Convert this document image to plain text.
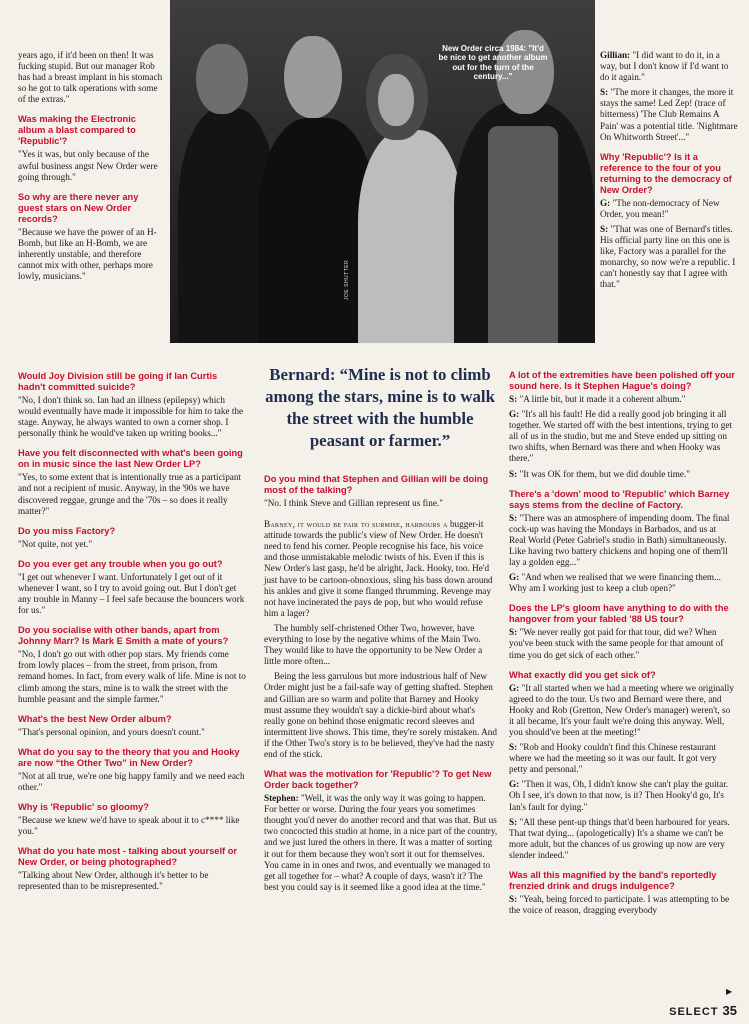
New Order circa 1984: "It'd be nice to get another album out for the turn of the century..."
JOE SHUTTER

years ago, if it'd been on then! It was fucking stupid. But our manager Rob has had a breast implant in his stomach so he got to talk operations with some of the extras."

Was making the Electronic album a blast compared to 'Republic'?

"Yes it was, but only because of the awful business angst New Order were going through."

So why are there never any guest stars on New Order records?

"Because we have the power of an H-Bomb, but like an H-Bomb, we are inherently unstable, and therefore cannot mix with other, perhaps more lowly, musicians."

Would Joy Division still be going if Ian Curtis hadn't committed suicide?

"No, I don't think so. Ian had an illness (epilepsy) which would eventually have made it impossible for him to take the stage. Anyway, he always wanted to own a corner shop. I personally think he would've taken up writing books..."

Have you felt disconnected with what's been going on in music since the last New Order LP?

"Yes, to some extent that is intentionally true as a participant and not a recipient of music. Anyway, in the '90s we have discovered reggae, grunge and the '70s – so does it really matter?"

Do you miss Factory?

"Not quite, not yet."

Do you ever get any trouble when you go out?

"I get out whenever I want. Unfortunately I get out of it whenever I want, so I try to avoid going out. But I don't get any trouble in Manny – I feel safe because the bouncers work for us."

Do you socialise with other bands, apart from Johnny Marr? Is Mark E Smith a mate of yours?

"No, I don't go out with other pop stars. My friends come from lowly places – from the street, from prison, from remand homes. In fact, from every walk of life. Mine is not to climb among the stars, mine is to walk the street with the humble peasant and the simple farmer."

What's the best New Order album?

"That's personal opinion, and yours doesn't count."

What do you say to the theory that you and Hooky are now “the Other Two” in New Order?

"Not at all true, we're one big happy family and we need each other."

Why is 'Republic' so gloomy?

"Because we knew we'd have to speak about it to c**** like you."

What do you hate most - talking about yourself or New Order, or being photographed?

"Talking about New Order, although it's better to be represented than to be misrepresented."

Bernard: “Mine is not to climb among the stars, mine is to walk the street with the humble peasant or farmer.”

Do you mind that Stephen and Gillian will be doing most of the talking?

"No. I think Steve and Gillian represent us fine."

Barney, it would be fair to surmise, harbours a bugger-it attitude towards the public's view of New Order. He doesn't need to fend his corner. People recognise his face, his voice and those unmistakable melodic twists of his. Even if this is New Order's last gasp, he'd be alright, Jack. Hooky, too. He'd just have to be cartoon-obnoxious, sling his bass down around his ankles and give it some flanged thrumming. Revenge may not have incinerated the pays de pop, but who would refuse him a lager?

The humbly self-christened Other Two, however, have everything to lose by the negative whims of the Main Two. They would like to have the opportunity to be New Order a little more often...

Being the less garrulous but more industrious half of New Order might just be a fail-safe way of getting shafted. Stephen and Gillian are so warm and polite that Barney and Hooky must assume they wouldn't say a dickie-bird about what's really gone on behind those enigmatic record sleeves and intermittent live shows. This time, they're sorely mistaken. And if the Other Two's story is to be believed, they've had the nasty end of the stick.

What was the motivation for 'Republic'? To get New Order back together?

Stephen: "Well, it was the only way it was going to happen. For better or worse. During the four years you sometimes thought you'd never do another record and that was that. But us two concocted this studio at home, in a nice part of the country, and we just lured the others in there. It was a matter of sorting it out for them because they won't sort it out for themselves. You came in in ones and twos, and eventually we managed to get all together for – what? A couple of days, wasn't it? The best you could say is it seemed like a good idea at the time."

Gillian: "I did want to do it, in a way, but I don't know if I'd want to do it again."

S: "The more it changes, the more it stays the same! Led Zep! (trace of bitterness) 'The Club Remains A Pain' was a potential title. 'Nightmare On Whitworth Street'..."

Why 'Republic'? Is it a reference to the four of you returning to the democracy of New Order?

G: "The non-democracy of New Order, you mean!"

S: "That was one of Bernard's titles. His official party line on this one is like, Factory was a parallel for the monarchy, so now we're a republic. I can't honestly say that I agree with that."

A lot of the extremities have been polished off your sound here. Is it Stephen Hague's doing?

S: "A little bit, but it made it a coherent album."

G: "It's all his fault! He did a really good job bringing it all together. We started off with the best intentions, trying to get all of us in the studio, but me and Steve ended up sitting on two shifts, when Bernard was there and when Hooky was there."

S: "It was OK for them, but we did double time."

There's a 'down' mood to 'Republic' which Barney says stems from the decline of Factory.

S: "There was an atmosphere of impending doom. The final cock-up was having the Mondays in Barbados, and us at Real World (Peter Gabriel's studio in Bath) simultaneously. Like having two battery chickens and hoping one of them'll lay a golden egg..."

G: "And when we realised that we were financing them... Why am I working just to keep a club open?"

Does the LP's gloom have anything to do with the hangover from your fabled '88 US tour?

S: "We never really got paid for that tour, did we? When you've been stuck with the same people for that amount of time you do get sick of each other."

What exactly did you get sick of?

G: "It all started when we had a meeting where we originally agreed to do the tour. Us two and Bernard were there, and Hooky and Rob (Gretton, New Order's manager) weren't, so it all became, It's your fault we're doing this anyway. Well, you should've been at the meeting!"

S: "Rob and Hooky couldn't find this Chinese restaurant where we had the meeting so it was our fault. It got very petty and personal."

G: "Then it was, Oh, I didn't know she can't play the guitar. Oh I see, it's down to that now, is it? Then Hooky'd go, It's Ian's fault for dying."

S: "All these pent-up things that'd been harboured for years. That twat dying... (apologetically) It's a shame we can't be more adult, but the chances of us growing up now are very slender indeed."

Was all this magnified by the band's reportedly frenzied drink and drugs indulgence?

S: "Yeah, being forced to participate. I was attempting to be the voice of reason, dragging everybody

SELECT 35
▶
